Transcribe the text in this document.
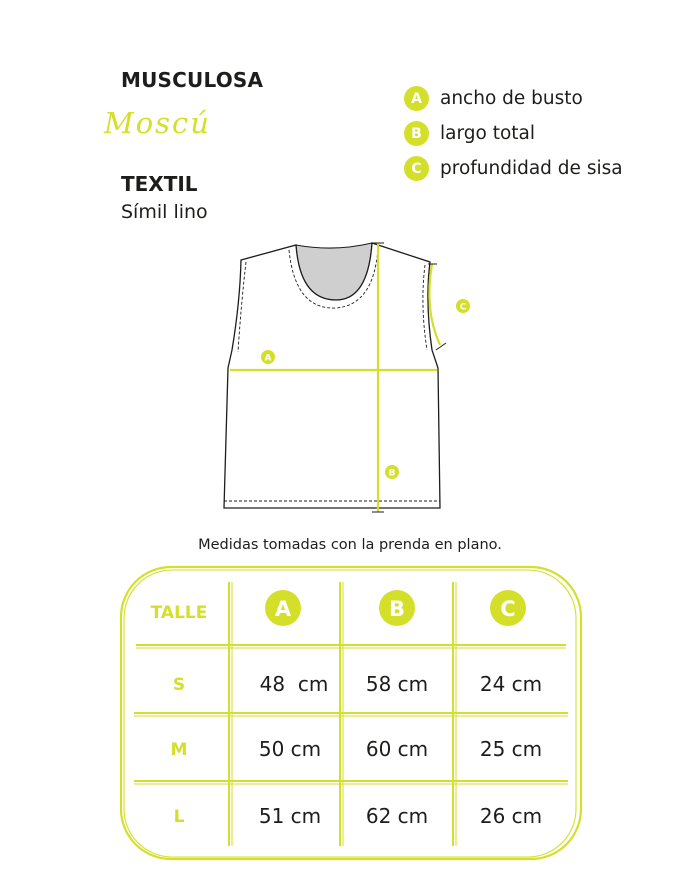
MUSCULOSA
Moscú
TEXTIL
Símil lino
A ancho de busto
B largo total
C profundidad de sisa
A
B
C
Medidas tomadas con la prenda en plano.
TALLE	A	B	C
S	48  cm 58 cm	24 cm
M	50 cm 60 cm	25 cm
L	51 cm 62 cm	26 cm
